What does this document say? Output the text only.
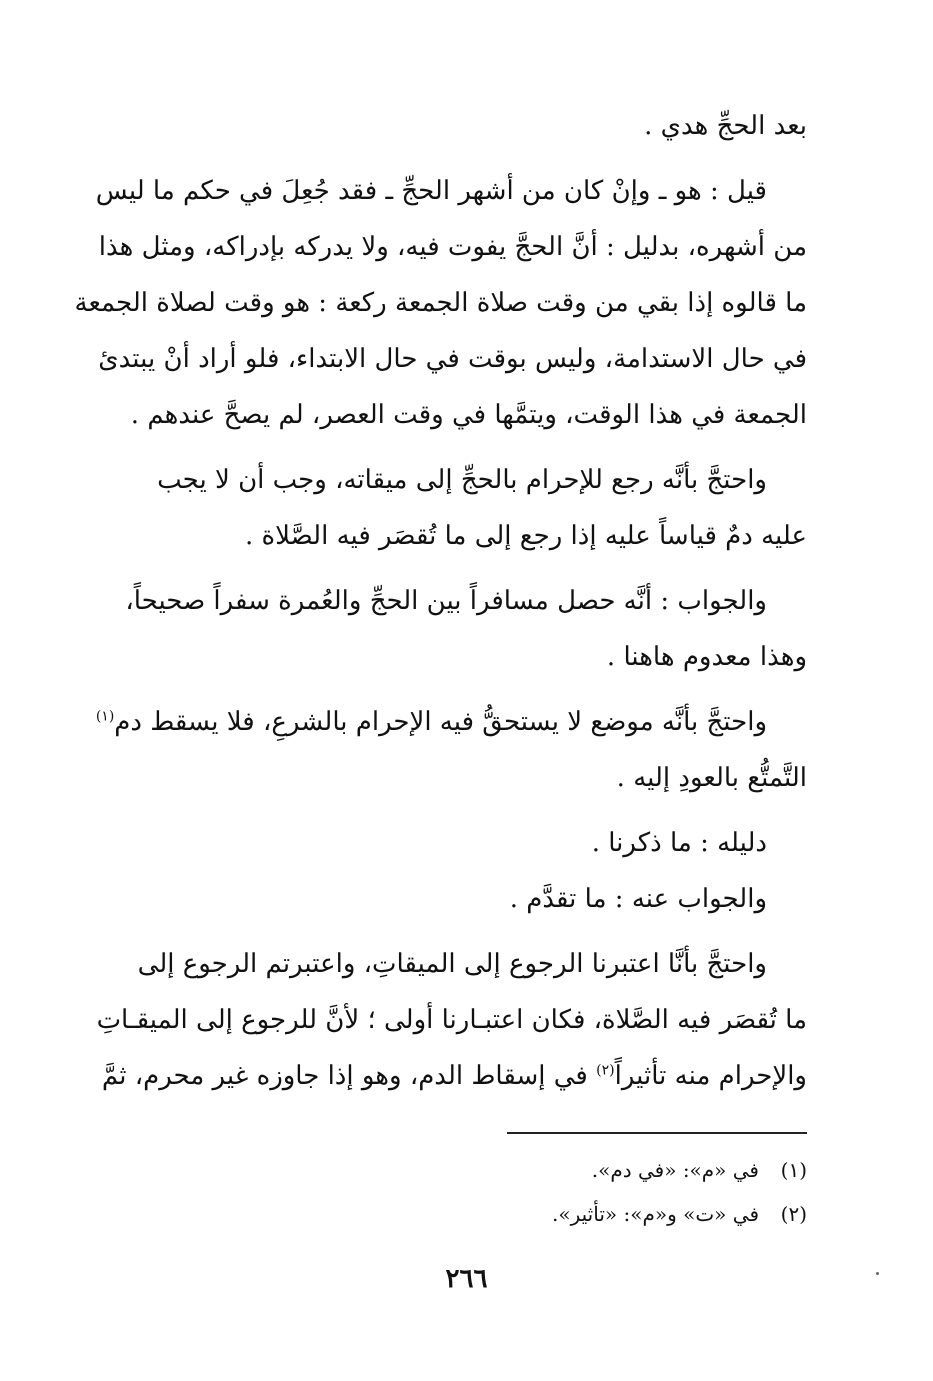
بعد الحجِّ هدي .
قيل : هو ـ وإنْ كان من أشهر الحجِّ ـ فقد جُعِلَ في حكم ما ليس
من أشهره، بدليل : أنَّ الحجَّ يفوت فيه، ولا يدركه بإدراكه، ومثل هذا
ما قالوه إذا بقي من وقت صلاة الجمعة ركعة : هو وقت لصلاة الجمعة
في حال الاستدامة، وليس بوقت في حال الابتداء، فلو أراد أنْ يبتدئ
الجمعة في هذا الوقت، ويتمَّها في وقت العصر، لم يصحَّ عندهم .
واحتجَّ بأنَّه رجع للإحرام بالحجِّ إلى ميقاته، وجب أن لا يجب
عليه دمٌ قياساً عليه إذا رجع إلى ما تُقصَر فيه الصَّلاة .
والجواب : أنَّه حصل مسافراً بين الحجِّ والعُمرة سفراً صحيحاً،
وهذا معدوم هاهنا .
واحتجَّ بأنَّه موضع لا يستحقُّ فيه الإحرام بالشرعِ، فلا يسقط دم$^{(١)}$
التَّمتُّع بالعودِ إليه .
دليله : ما ذكرنا .
والجواب عنه : ما تقدَّم .
واحتجَّ بأنَّا اعتبرنا الرجوع إلى الميقاتِ، واعتبرتم الرجوع إلى
ما تُقصَر فيه الصَّلاة، فكان اعتبـارنا أولى ؛ لأنَّ للرجوع إلى الميقـاتِ
والإحرام منه تأثيراً$^{(٢)}$ في إسقاط الدم، وهو إذا جاوزه غير محرم، ثمَّ
(١)في «م»: «في دم».
(٢)في «ت» و«م»: «تأثير».
٢٦٦
